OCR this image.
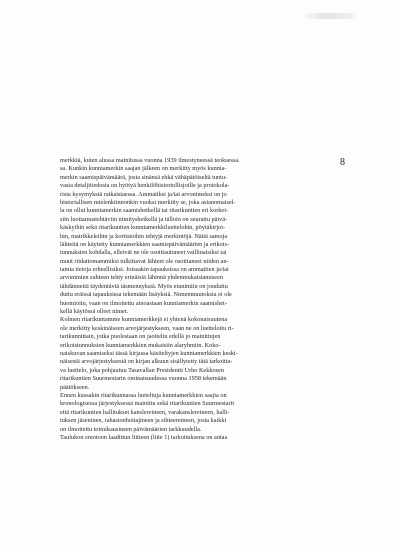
8
merkkiä, kuten alussa mainitussa vuonna 1939 ilmestyneessä teoksessa.
sa. Kunkin kunniamerkin saajan jälkeen on merkitty myös kunnia-
merkin saamispäivämäärä, josta sinänsä ehkä vähäpätöiseltä tuntu-
vasta detaljitiedosta on hyötyä henkilöhistoriollisjoille ja protokola-
risia kysymyksiä ratkaistaessa. Ammatiksi ja/tai arvonimeksi on jo
historiallisen mielenkiinnonkin vuoksi merkitty se, joka asianomaisel-
la on ollut kunniamerkin saamishetkellä tai ritarikuntien eri korkei-
siin luottamustehtäviin nimityshetkellä ja tälloin on seurattu päivä-
käskyihin sekä ritarikuntien kunniamerkkiluettelohin, pöytäkirjoi-
hin, matrikkeleihin ja kortistoihin tehtyjä merkintöjä. Näitä samoja
lähteitä on käytetty kunniamerkkien saamispäivämäärien ja erikois-
tunnuksien kohdalla, elleivät ne ole osoittautuneet vaillinaisiksi tai
muut riidattomammiksi tulkittavat lähteet ole osoittaneet niiden an-
tamia tietoja erheellisiksi. Joissakin tapauksissa on ammattien ja/tai
arvonimien suhteen tehty erinäisiä lähinnä yhdenmukaistamiseen
tähdänneitä täydentäviä täsmennyksiä. Myös etunimiin on jouduttu
duttu eräissä tapauksissa tekemään lisäyksiä. Nimenmuutoksia ei ole
huomioitu, vaan on ilmoitettu ainoastaan kunniamerkin saamishet-
kellä käytössä olleet nimet.
Kolmen ritarikuntamme kunniamerkkejä ei yhtenä kokonaisuutena
ole merkitty keskinäiseen arvojärjestykseen, vaan ne on luetteloitu ri-
tarikunnittain, jotka puolestaan on jaoiteltu edellä jo mainittujen
erikoistunnuksien kunniamerkkien mukaisiin alaryhmiin. Koko-
naiskuvan saamiseksi tässä kirjassa käsiteltyjen kunniamerkkien keski-
näisestä arvojärjestyksestä on kirjan alkuun sisällytetty tätä tarkoitta-
va luettelo, joka pohjautuu Tasavallan Presidentti Urho Kekkosen
ritarikuntien Suurmestarin ominaisuudessa vuonna 1958 tekemään
päätökseen.
Ennen kussakin ritarikunnassa lueteltuja kunniamerkkien saajia on
kronologisessa järjestyksessä mainittu sekä ritarikuntien Suurmestarit
että ritarikuntien hallitukset kanslereineen, varakanslereineen, halli-
tuksen jäseninen, rahastonhoitajineen ja sihteereineen, josta kaikki
on ilmoitettu toimikausineen päivämäärien tarkkuudella.
Taulukon emotoon laadittun liitteen (liite 1) tarkoituksena on antaa
